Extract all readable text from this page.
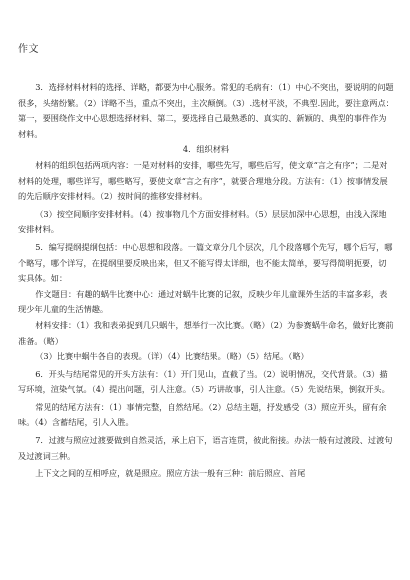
作文

3．选择材料材料的选择、详略，都要为中心服务。常犯的毛病有：（1）中心不突出，要说明的问题很多，头绪纷繁。（2）详略不当，重点不突出，主次颠倒。（3）.选材平淡，不典型.因此，要注意两点：第一，要围绕作文中心思想选择材料、第二，要选择自己最熟悉的、真实的、新颖的、典型的事件作为材料。

4．组织材料

材料的组织包括两项内容：一是对材料的安排，哪些先写，哪些后写，使文章“言之有序”；二是对材料的处理，哪些详写，哪些略写，要使文章“言之有序”，就要合理地分段。方法有：（1）按事情发展的先后顺序安排材料。（2）按时间的推移安排材料。

（3）按空间顺序安排材料。（4）按事物几个方面安排材料。（5）层层加深中心思想，由浅入深地安排材料。

5．编写提纲提纲包括：中心思想和段落。一篇文章分几个层次，几个段落哪个先写，哪个后写，哪个略写，哪个详写，在提纲里要反映出来，但又不能写得太详细，也不能太简单，要写得简明扼要，切实具体。如：

作文题目：有趣的蜗牛比赛中心：通过对蜗牛比赛的记叙，反映少年儿童课外生活的丰富多彩，表现少年儿童的生活情趣。

材料安排：（1）我和表弟捉到几只蜗牛，想举行一次比赛。（略）（2）为参赛蜗牛命名，做好比赛前准备。（略）

（3）比赛中蜗牛各自的表现。（详）（4）比赛结果。（略）（5）结尾。（略）

6．开头与结尾常见的开头方法有：（1）开门见山，直截了当。（2）说明情况，交代背景。（3）描写环境，渲染气氛。（4）提出问题，引人注意。（5）巧讲故事，引人注意。（5）先说结果，倒叙开头。

常见的结尾方法有：（1）事情完整，自然结尾。（2）总结主题，抒发感受（3）照应开头，留有余味。（4）含蓄结尾，引人入胜。

7．过渡与照应过渡要做到自然灵活，承上启下，语言连贯，彼此衔接。办法一般有过渡段、过渡句及过渡词三种。

上下文之间的互相呼应，就是照应。照应方法一般有三种：前后照应、首尾
